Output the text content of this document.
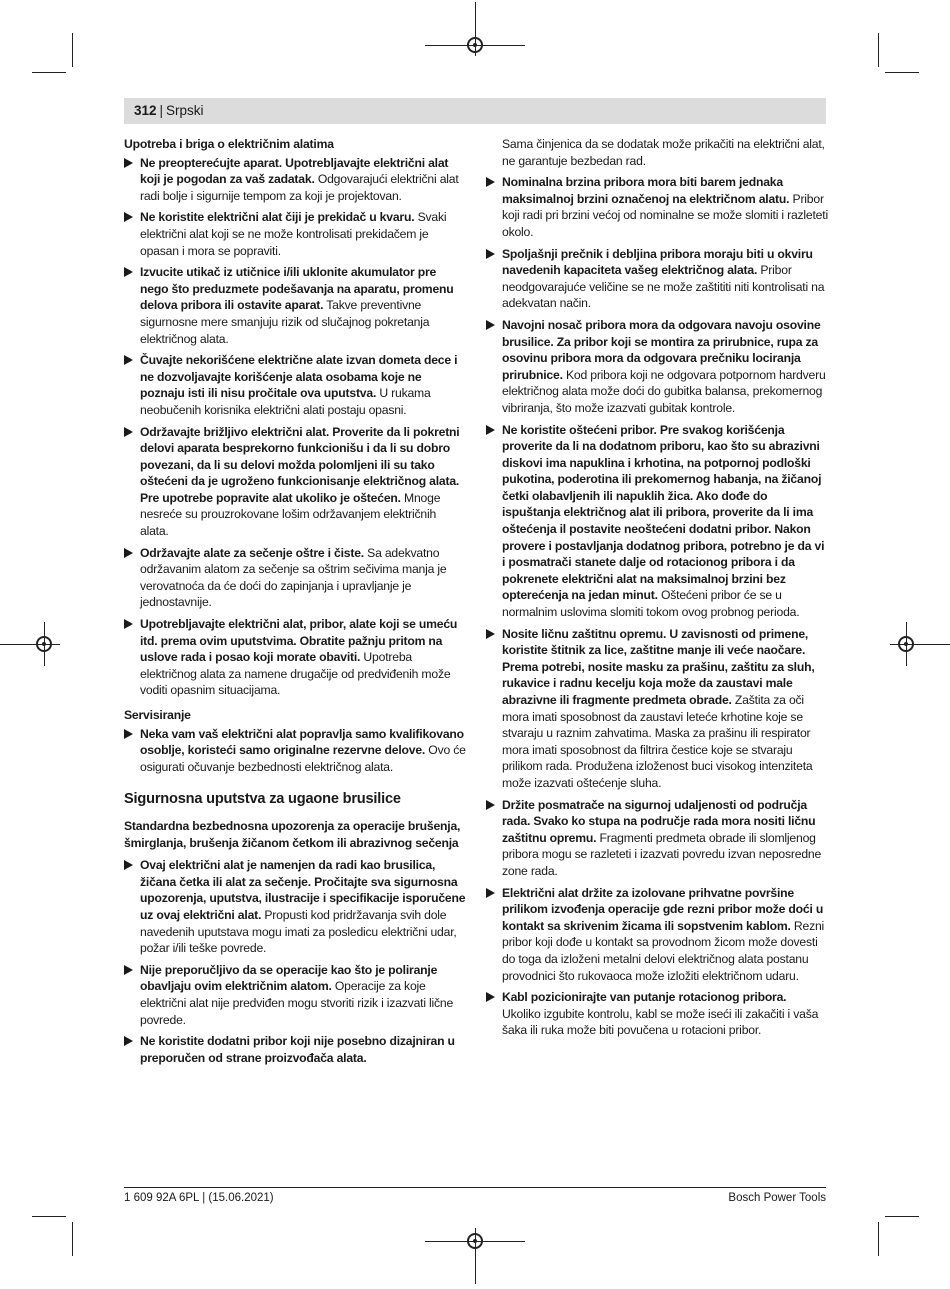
312 | Srpski
Upotreba i briga o električnim alatima
Ne preopterećujte aparat. Upotrebljavajte električni alat koji je pogodan za vaš zadatak. Odgovarajući električni alat radi bolje i sigurnije tempom za koji je projektovan.
Ne koristite električni alat čiji je prekidač u kvaru. Svaki električni alat koji se ne može kontrolisati prekidačem je opasan i mora se popraviti.
Izvucite utikač iz utičnice i/ili uklonite akumulator pre nego što preduzmete podešavanja na aparatu, promenu delova pribora ili ostavite aparat. Takve preventivne sigurnosne mere smanjuju rizik od slučajnog pokretanja električnog alata.
Čuvajte nekorišćene električne alate izvan dometa dece i ne dozvoljavajte korišćenje alata osobama koje ne poznaju isti ili nisu pročitale ova uputstva. U rukama neobučenih korisnika električni alati postaju opasni.
Održavajte brižljivo električni alat. Proverite da li pokretni delovi aparata besprekorno funkcionišu i da li su dobro povezani, da li su delovi možda polomljeni ili su tako oštećeni da je ugroženo funkcionisanje električnog alata. Pre upotrebe popravite alat ukoliko je oštećen. Mnoge nesreće su prouzrokovane lošim održavanjem električnih alata.
Održavajte alate za sečenje oštre i čiste. Sa adekvatno održavanim alatom za sečenje sa oštrim sečivima manja je verovatnoća da će doći do zapinjanja i upravljanje je jednostavnije.
Upotrebljavajte električni alat, pribor, alate koji se umeću itd. prema ovim uputstvima. Obratite pažnju pritom na uslove rada i posao koji morate obaviti. Upotreba električnog alata za namene drugačije od predviđenih može voditi opasnim situacijama.
Servisiranje
Neka vam vaš električni alat popravlja samo kvalifikovano osoblje, koristeći samo originalne rezervne delove. Ovo će osigurati očuvanje bezbednosti električnog alata.
Sigurnosna uputstva za ugaone brusilice
Standardna bezbednosna upozorenja za operacije brušenja, šmirglanja, brušenja žičanom četkom ili abrazivnog sečenja
Ovaj električni alat je namenjen da radi kao brusilica, žičana četka ili alat za sečenje. Pročitajte sva sigurnosna upozorenja, uputstva, ilustracije i specifikacije isporučene uz ovaj električni alat. Propusti kod pridržavanja svih dole navedenih uputstava mogu imati za posledicu električni udar, požar i/ili teške povrede.
Nije preporučljivo da se operacije kao što je poliranje obavljaju ovim električnim alatom. Operacije za koje električni alat nije predviđen mogu stvoriti rizik i izazvati lične povrede.
Ne koristite dodatni pribor koji nije posebno dizajniran u preporučen od strane proizvođača alata.
Sama činjenica da se dodatak može prikačiti na električni alat, ne garantuje bezbedan rad.
Nominalna brzina pribora mora biti barem jednaka maksimalnoj brzini označenoj na električnom alatu. Pribor koji radi pri brzini većoj od nominalne se može slomiti i razleteti okolo.
Spoljašnji prečnik i debljina pribora moraju biti u okviru navedenih kapaciteta vašeg električnog alata. Pribor neodgovarajuće veličine se ne može zaštititi niti kontrolisati na adekvatan način.
Navojni nosač pribora mora da odgovara navoju osovine brusilice. Za pribor koji se montira za prirubnice, rupa za osovinu pribora mora da odgovara prečniku lociranja prirubnice. Kod pribora koji ne odgovara potpornom hardveru električnog alata može doći do gubitka balansa, prekomernog vibriranja, što može izazvati gubitak kontrole.
Ne koristite oštećeni pribor. Pre svakog korišćenja proverite da li na dodatnom priboru, kao što su abrazivni diskovi ima napuklina i krhotina, na potpornoj podloški pukotina, poderotina ili prekomernog habanja, na žičanoj četki olabavljenih ili napuklih žica. Ako dođe do ispuštanja električnog alat ili pribora, proverite da li ima oštećenja il postavite neoštećeni dodatni pribor. Nakon provere i postavljanja dodatnog pribora, potrebno je da vi i posmatrači stanete dalje od rotacionog pribora i da pokrenete električni alat na maksimalnoj brzini bez opterećenja na jedan minut. Oštećeni pribor će se u normalnim uslovima slomiti tokom ovog probnog perioda.
Nosite ličnu zaštitnu opremu. U zavisnosti od primene, koristite štitnik za lice, zaštitne manje ili veće naočare. Prema potrebi, nosite masku za prašinu, zaštitu za sluh, rukavice i radnu kecelju koja može da zaustavi male abrazivne ili fragmente predmeta obrade. Zaštita za oči mora imati sposobnost da zaustavi leteće krhotine koje se stvaraju u raznim zahvatima. Maska za prašinu ili respirator mora imati sposobnost da filtrira čestice koje se stvaraju prilikom rada. Produžena izloženost buci visokog intenziteta može izazvati oštećenje sluha.
Držite posmatrače na sigurnoj udaljenosti od područja rada. Svako ko stupa na područje rada mora nositi ličnu zaštitnu opremu. Fragmenti predmeta obrade ili slomljenog pribora mogu se razleteti i izazvati povredu izvan neposredne zone rada.
Električni alat držite za izolovane prihvatne površine prilikom izvođenja operacije gde rezni pribor može doći u kontakt sa skrivenim žicama ili sopstvenim kablom. Rezni pribor koji dođe u kontakt sa provodnom žicom može dovesti do toga da izloženi metalni delovi električnog alata postanu provodnici što rukovaoca može izložiti električnom udaru.
Kabl pozicionirajte van putanje rotacionog pribora. Ukoliko izgubite kontrolu, kabl se može iseći ili zakačiti i vaša šaka ili ruka može biti povučena u rotacioni pribor.
1 609 92A 6PL | (15.06.2021)	Bosch Power Tools
